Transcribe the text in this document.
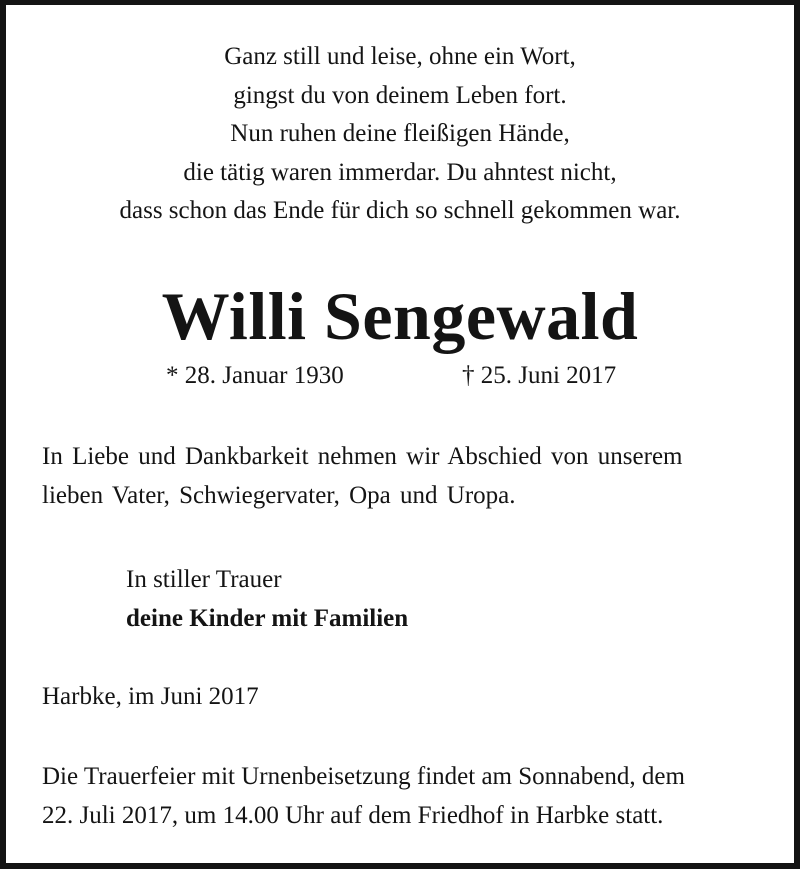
Ganz still und leise, ohne ein Wort,
gingst du von deinem Leben fort.
Nun ruhen deine fleißigen Hände,
die tätig waren immerdar. Du ahntest nicht,
dass schon das Ende für dich so schnell gekommen war.
Willi Sengewald
* 28. Januar 1930	† 25. Juni 2017
In Liebe und Dankbarkeit nehmen wir Abschied von unserem
lieben Vater, Schwiegervater, Opa und Uropa.
In stiller Trauer
deine Kinder mit Familien
Harbke, im Juni 2017
Die Trauerfeier mit Urnenbeisetzung findet am Sonnabend, dem
22. Juli 2017, um 14.00 Uhr auf dem Friedhof in Harbke statt.
